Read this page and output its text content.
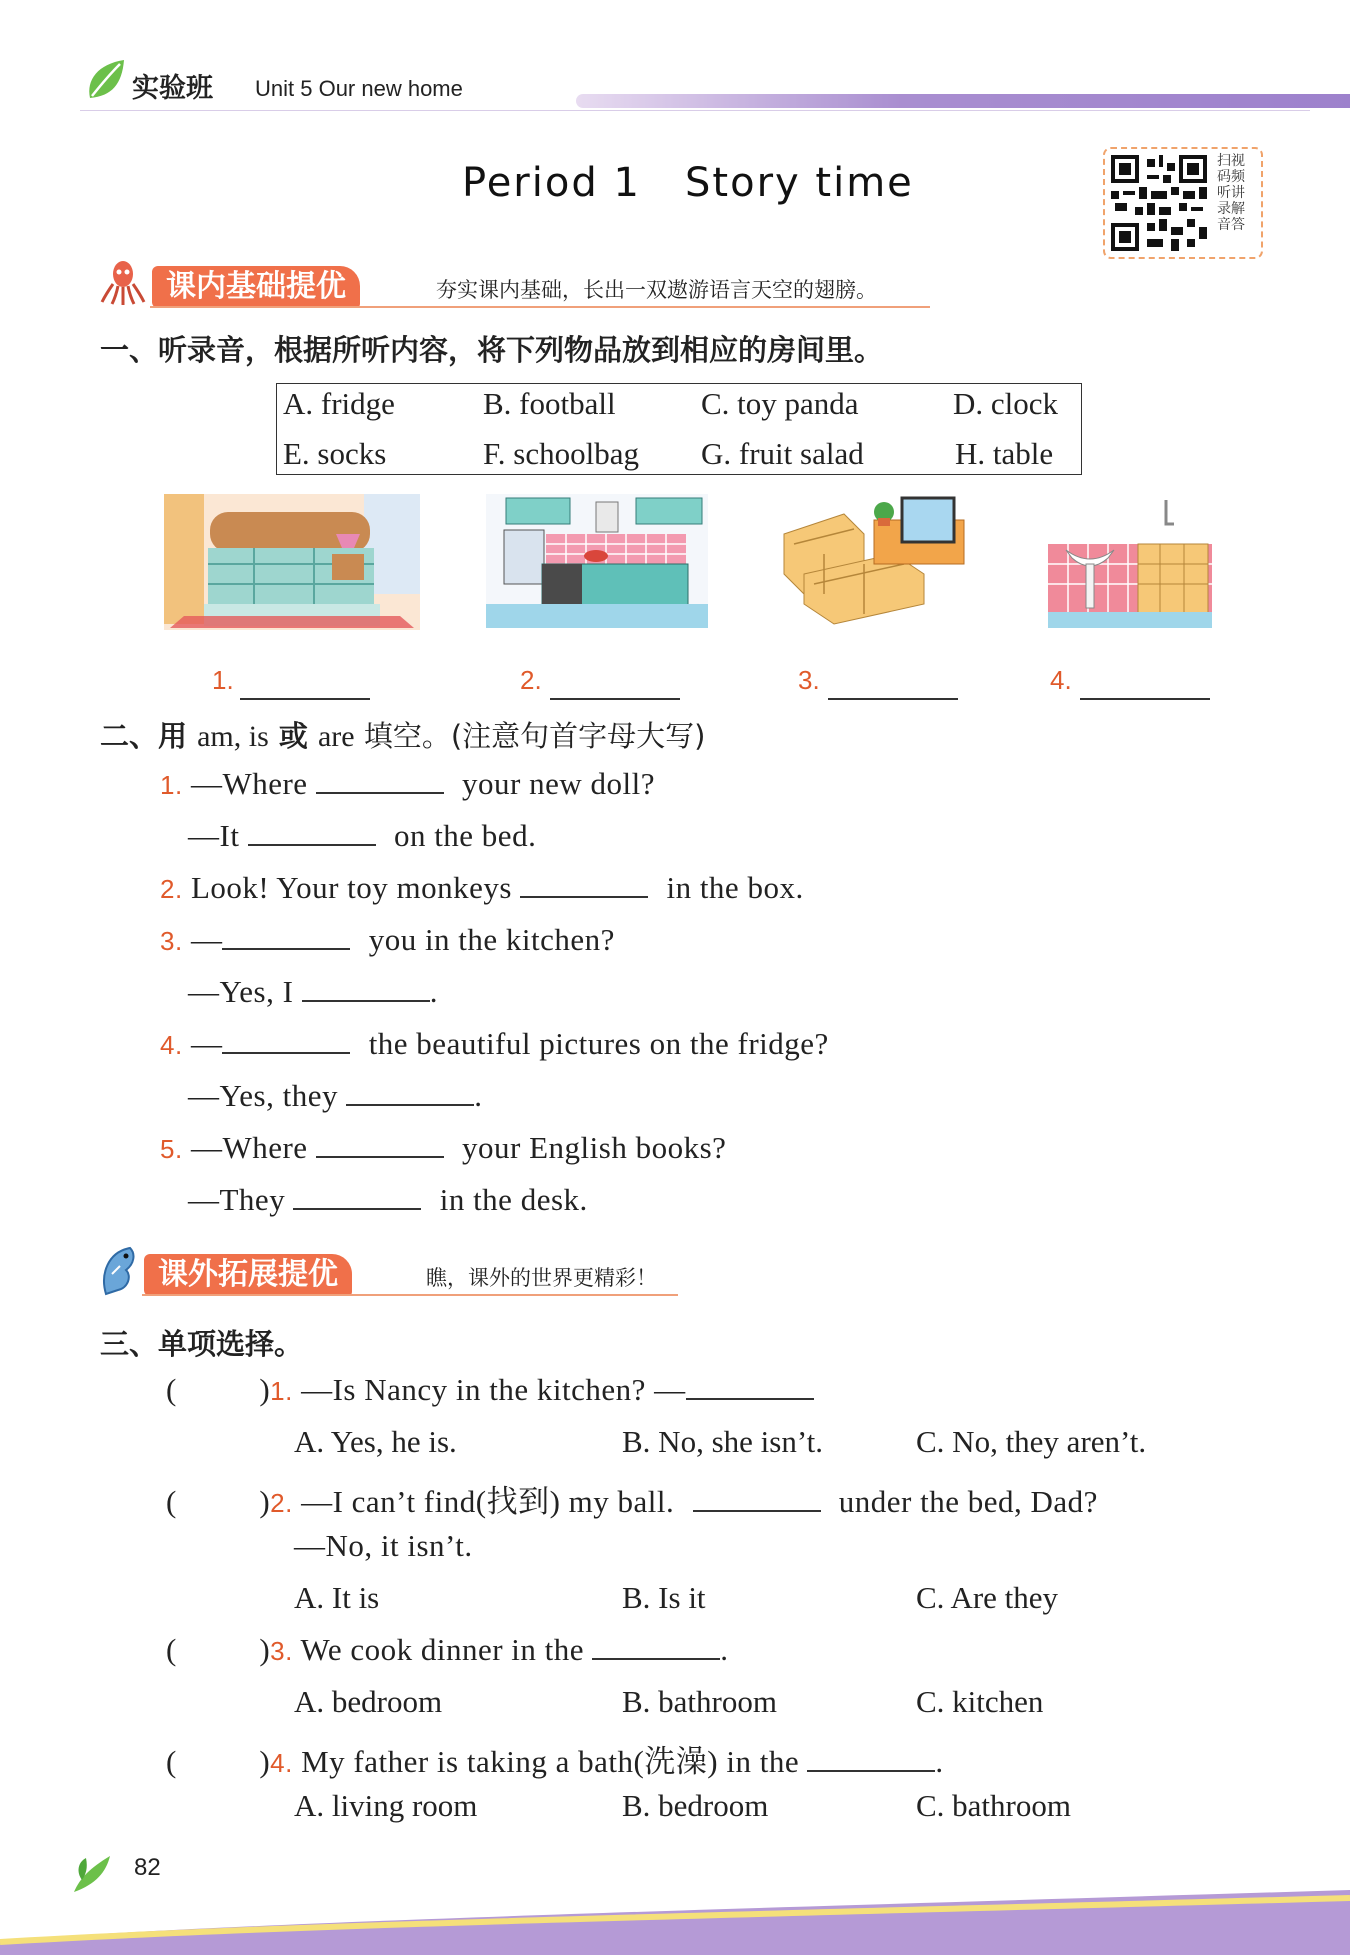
实验班 Unit 5 Our new home
Period 1   Story time	扫视
码频
听讲
录解
音答
课内基础提优	夯实课内基础，长出一双遨游语言天空的翅膀。
一、听录音，根据所听内容，将下列物品放到相应的房间里。
A. fridge	B. football	C. toy panda	D. clock
E. socks	F. schoolbag G. fruit salad	H. table
1.	2.	3.	4.
二、用 am, is 或 are 填空。(注意句首字母大写)
1. —Where	your new doll?
—It	on the bed.
2. Look! Your toy monkeys	in the box.
3. —	you in the kitchen?
—Yes, I	.
4. —	the beautiful pictures on the fridge?
—Yes, they	.
5. —Where	your English books?
—They	in the desk.
课外拓展提优	瞧，课外的世界更精彩！
三、单项选择。
(          )1. —Is Nancy in the kitchen? —
A. Yes, he is.	B. No, she isn’t.	C. No, they aren’t.
(          )2. —I can’t find(找到) my ball.	under the bed, Dad?
—No, it isn’t.
A. It is	B. Is it	C. Are they
(          )3. We cook dinner in the	.
A. bedroom	B. bathroom	C. kitchen
(          )4. My father is taking a bath(洗澡) in the	.
A. living room	B. bedroom	C. bathroom
82
